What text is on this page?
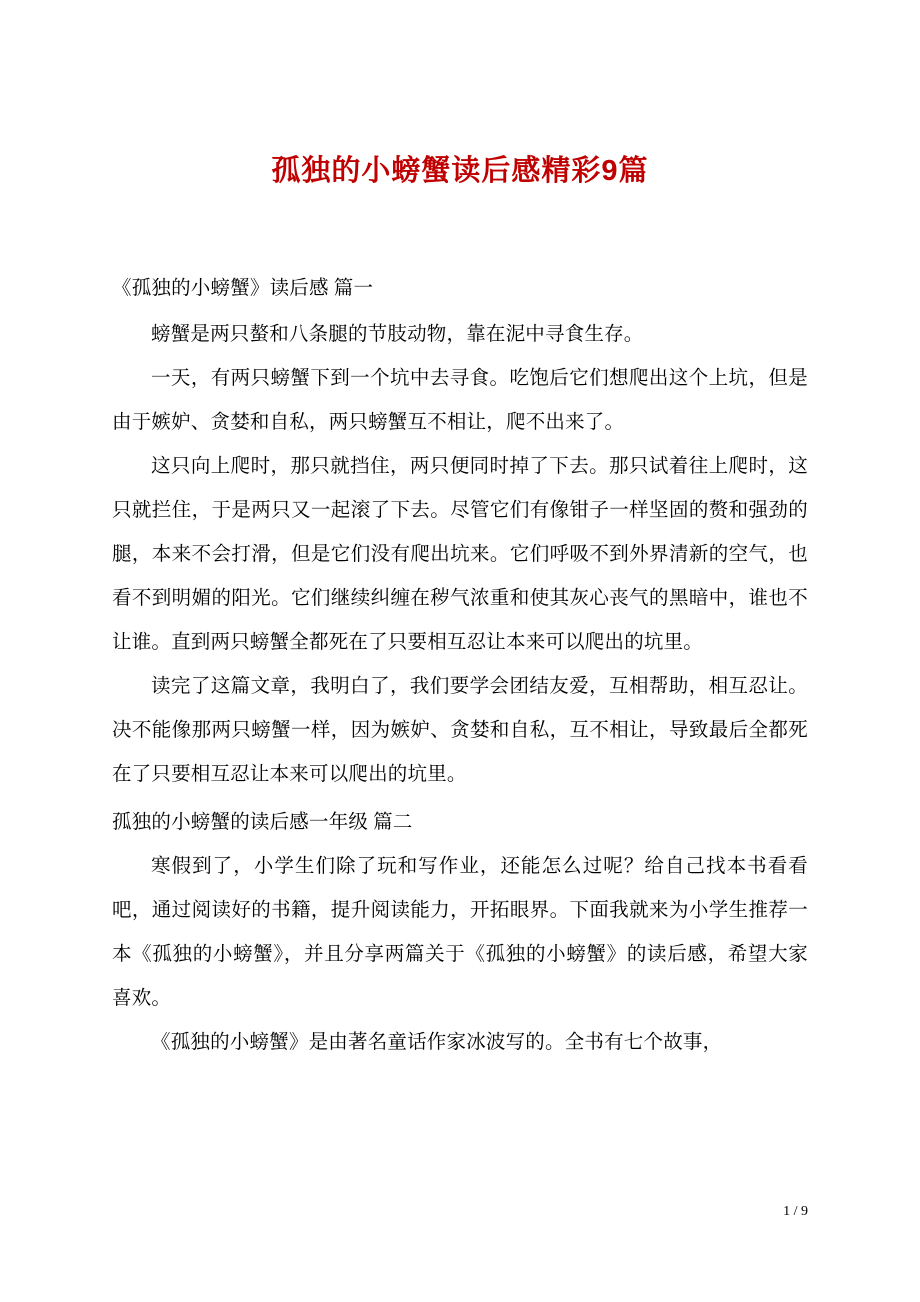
孤独的小螃蟹读后感精彩9篇

《孤独的小螃蟹》读后感 篇一

螃蟹是两只螯和八条腿的节肢动物，靠在泥中寻食生存。

一天，有两只螃蟹下到一个坑中去寻食。吃饱后它们想爬出这个上坑，但是由于嫉妒、贪婪和自私，两只螃蟹互不相让，爬不出来了。

这只向上爬时，那只就挡住，两只便同时掉了下去。那只试着往上爬时，这只就拦住，于是两只又一起滚了下去。尽管它们有像钳子一样坚固的赘和强劲的腿，本来不会打滑，但是它们没有爬出坑来。它们呼吸不到外界清新的空气，也看不到明媚的阳光。它们继续纠缠在秽气浓重和使其灰心丧气的黑暗中，谁也不让谁。直到两只螃蟹全都死在了只要相互忍让本来可以爬出的坑里。

读完了这篇文章，我明白了，我们要学会团结友爱，互相帮助，相互忍让。决不能像那两只螃蟹一样，因为嫉妒、贪婪和自私，互不相让，导致最后全都死在了只要相互忍让本来可以爬出的坑里。

孤独的小螃蟹的读后感一年级 篇二

寒假到了，小学生们除了玩和写作业，还能怎么过呢？给自己找本书看看吧，通过阅读好的书籍，提升阅读能力，开拓眼界。下面我就来为小学生推荐一本《孤独的小螃蟹》，并且分享两篇关于《孤独的小螃蟹》的读后感，希望大家喜欢。

《孤独的小螃蟹》是由著名童话作家冰波写的。全书有七个故事，

1 / 9
